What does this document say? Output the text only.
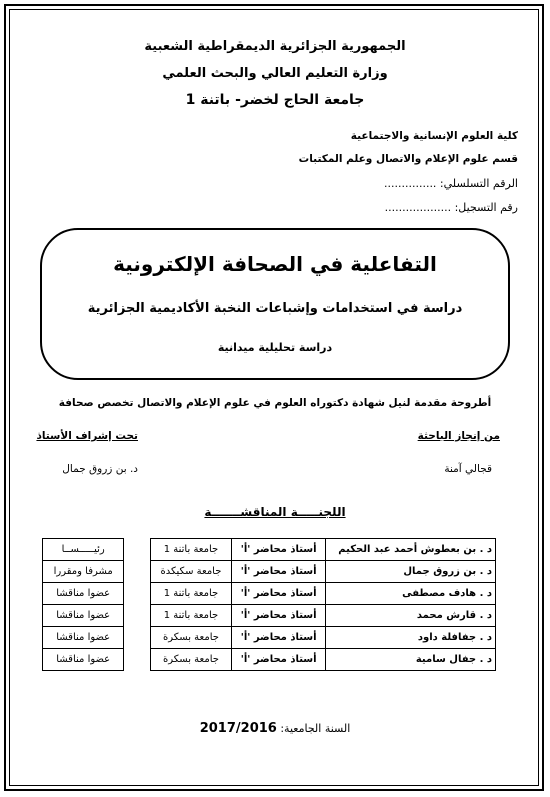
الجمهورية الجزائرية الديمقراطية الشعبية
وزارة التعليم العالي والبحث العلمي
جامعة الحاج لخضر- باتنة 1
كلية العلوم الإنسانية والاجتماعية
قسم علوم الإعلام والاتصال وعلم المكتبات
الرقم التسلسلي: ...............
رقم التسجيل: ...................
التفاعلية في الصحافة الإلكترونية
دراسة في استخدامات وإشباعات النخبة الأكاديمية الجزائرية
دراسة تحليلية ميدانية
أطروحة مقدمة لنيل شهادة دكتوراه العلوم في علوم الإعلام والاتصال تخصص صحافة
من إنجاز الباحثة
تحت إشراف الأستاذ
قجالي آمنة
د. بن زروق جمال
اللجنـــــة المناقشـــــــة
د . بن بعطوش أحمد عبد الحكيم	أستاذ محاضر 'أ'	جامعة باتنة 1		رئيـــــســا
د . بن زروق جمال	أستاذ محاضر 'أ'	جامعة سكيكدة		مشرفا ومقررا
د . هادف مصطفى	أستاذ محاضر 'أ'	جامعة باتنة 1		عضوا مناقشا
د . قارش محمد	أستاذ محاضر 'أ'	جامعة باتنة 1		عضوا مناقشا
د . جفافلة داود	أستاذ محاضر 'أ'	جامعة بسكرة		عضوا مناقشا
د . جفال سامية	أستاذ محاضر 'أ'	جامعة بسكرة		عضوا مناقشا
السنة الجامعية: 2017/2016
